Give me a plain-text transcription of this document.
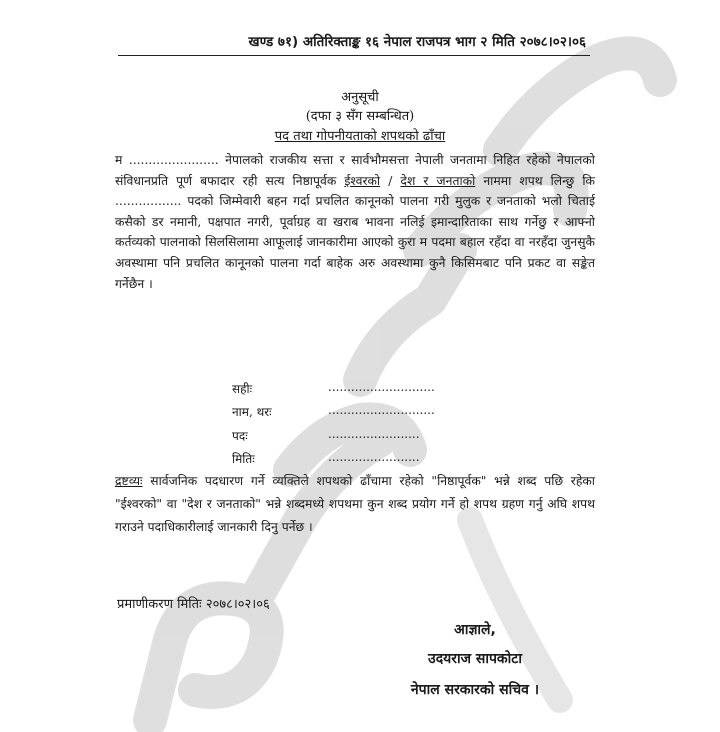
खण्ड ७१) अतिरिक्ताङ्क १६ नेपाल राजपत्र भाग २ मिति २०७८।०२।०६
अनुसूची
(दफा ३ सँग सम्बन्धित)
पद तथा गोपनीयताको शपथको ढाँचा

म ....................... नेपालको राजकीय सत्ता र सार्वभौमसत्ता नेपाली जनतामा निहित रहेको नेपालको संविधानप्रति पूर्ण बफादार रही सत्य निष्ठापूर्वक ईश्वरको / देश र जनताको नाममा शपथ लिन्छु कि ................. पदको जिम्मेवारी बहन गर्दा प्रचलित कानूनको पालना गरी मुलुक र जनताको भलो चिताई कसैको डर नमानी, पक्षपात नगरी, पूर्वाग्रह वा खराब भावना नलिई इमान्दारिताका साथ गर्नेछु र आफ्नो कर्तव्यको पालनाको सिलसिलामा आफूलाई जानकारीमा आएको कुरा म पदमा बहाल रहँदा वा नरहँदा जुनसुकै अवस्थामा पनि प्रचलित कानूनको पालना गर्दा बाहेक अरु अवस्थामा कुनै किसिमबाट पनि प्रकट वा सङ्केत गर्नेछैन ।

सहीः	............................
नाम, थरः	............................
पदः	........................
मितिः	........................

द्रष्टव्यः सार्वजनिक पदधारण गर्ने व्यक्तिले शपथको ढाँचामा रहेको "निष्ठापूर्वक" भन्ने शब्द पछि रहेका "ईश्वरको" वा "देश र जनताको" भन्ने शब्दमध्ये शपथमा कुन शब्द प्रयोग गर्ने हो शपथ ग्रहण गर्नु अघि शपथ गराउने पदाधिकारीलाई जानकारी दिनु पर्नेछ ।

प्रमाणीकरण मितिः २०७८।०२।०६
आज्ञाले,
उदयराज सापकोटा
नेपाल सरकारको सचिव ।
